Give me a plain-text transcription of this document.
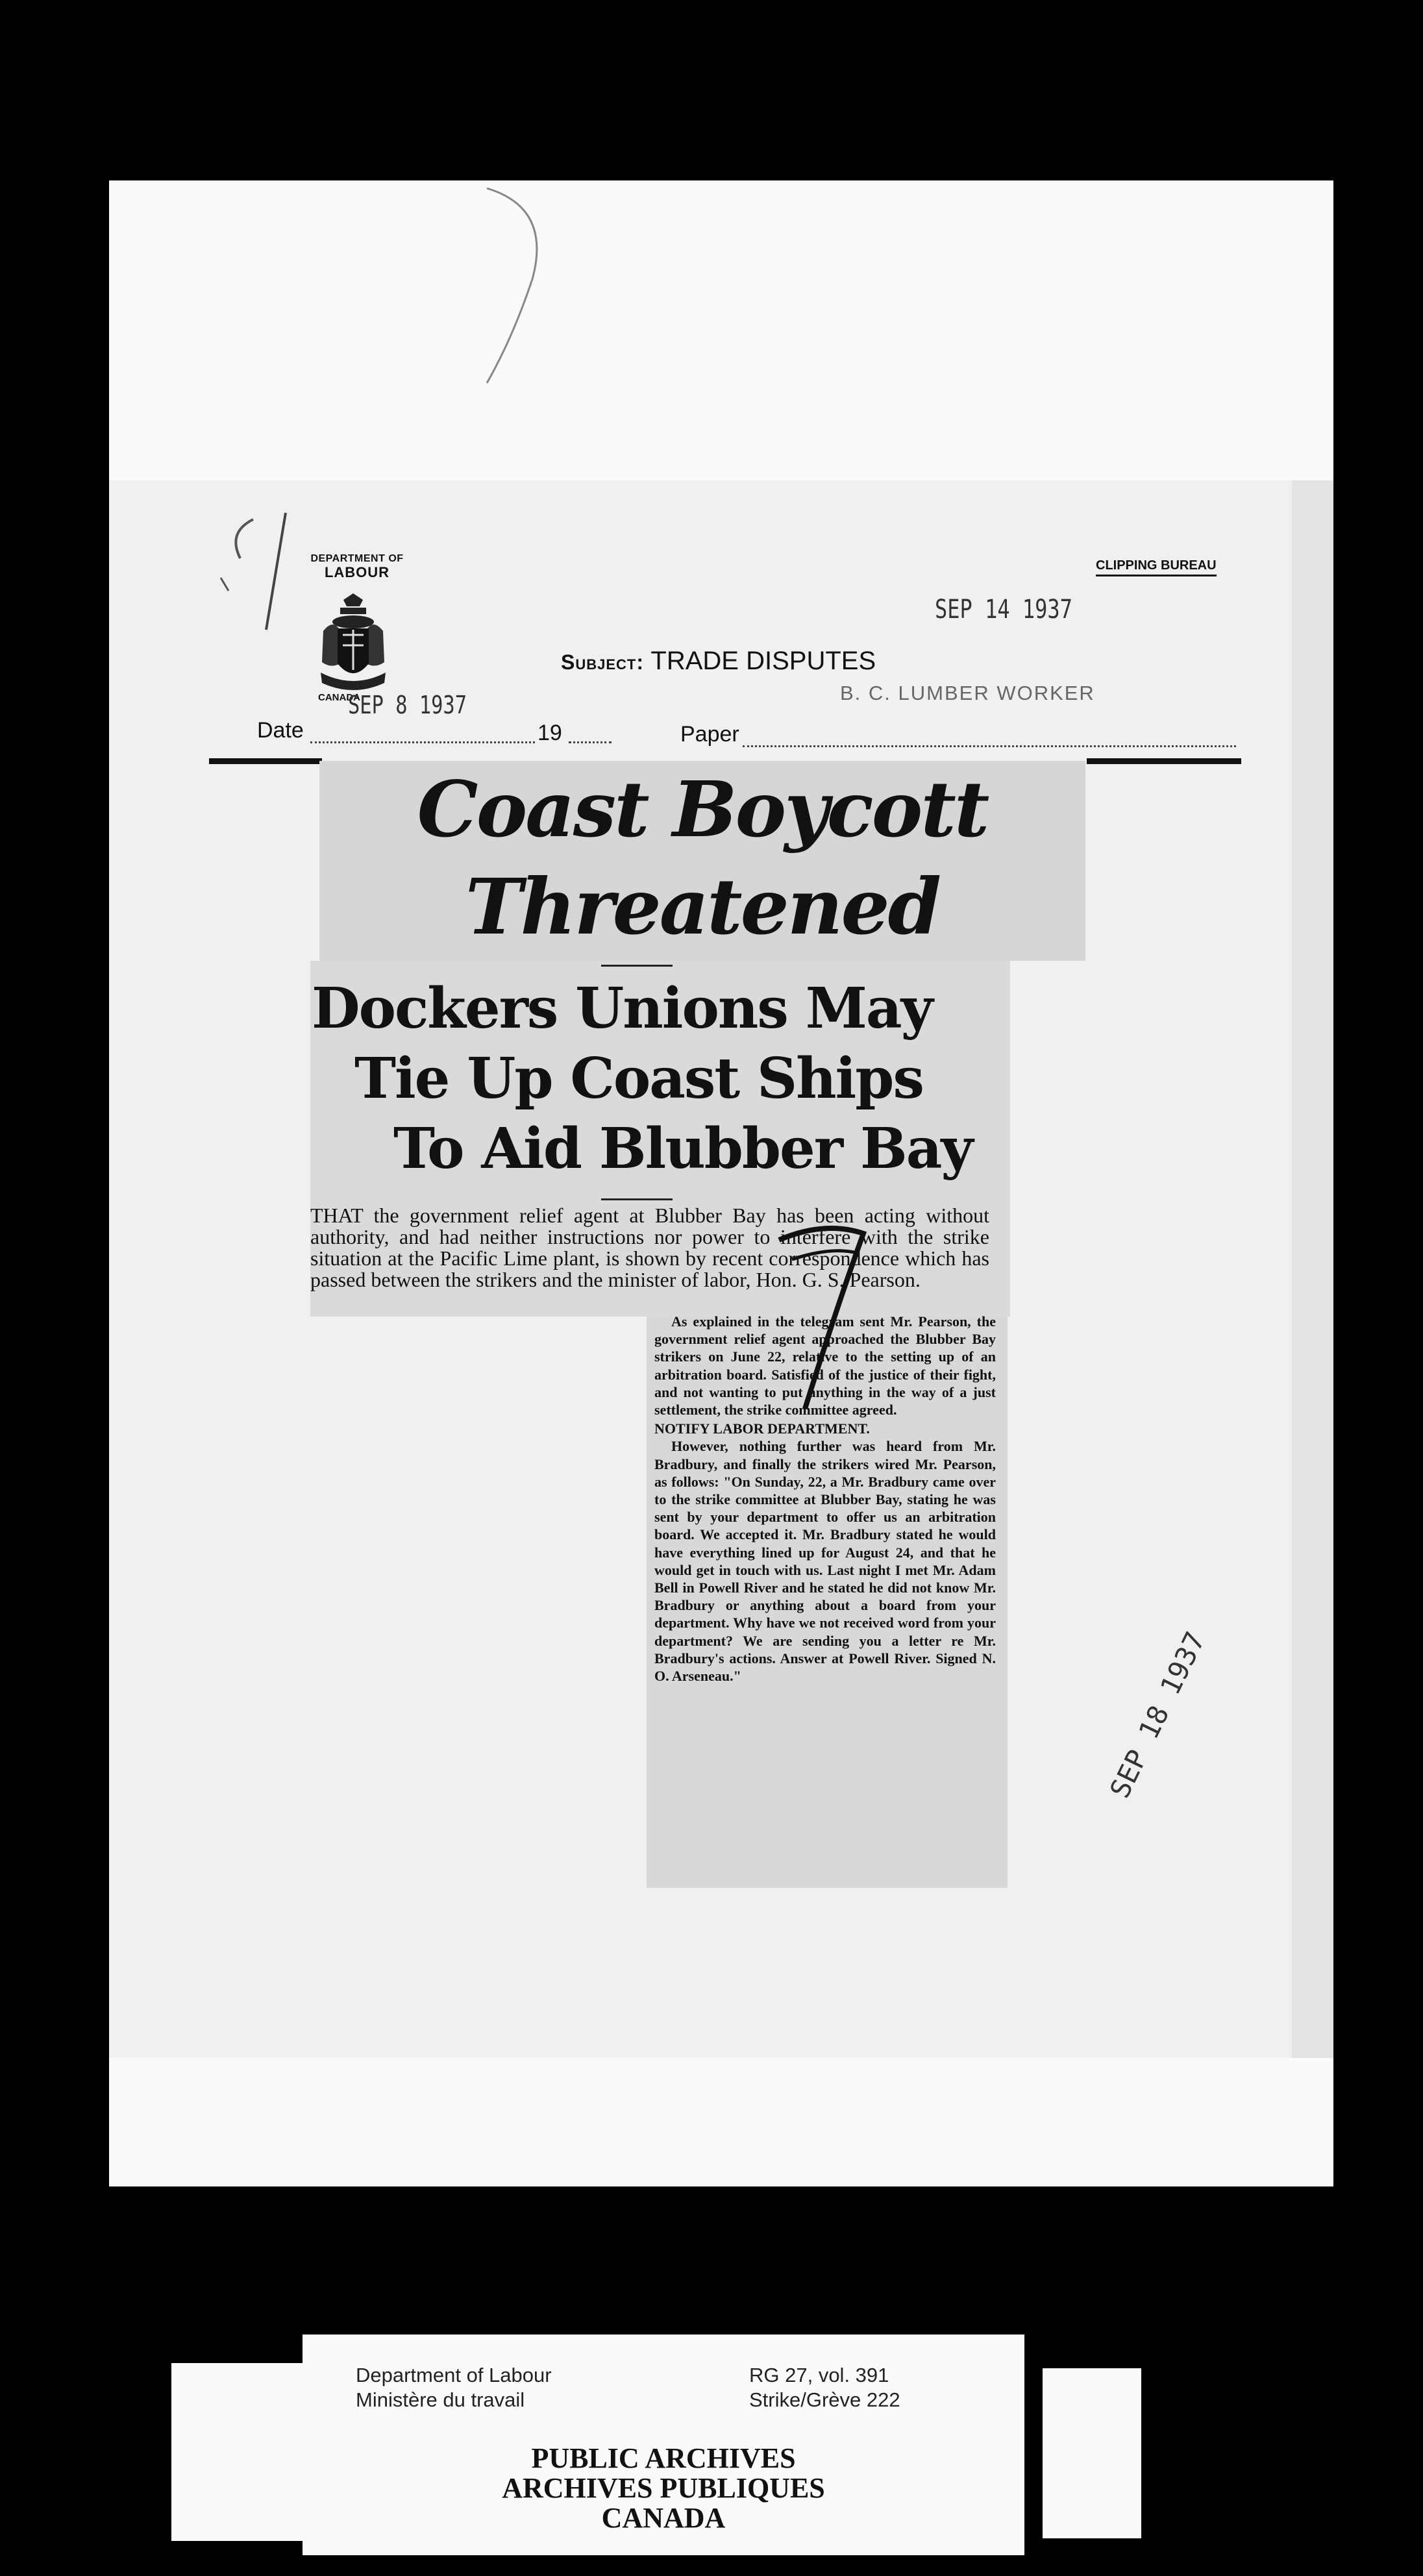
DEPARTMENT OF
LABOUR
CANADA
CLIPPING BUREAU
SEP 14 1937
Subject: TRADE DISPUTES
B. C. LUMBER WORKER
Date
SEP 8 1937
19	Paper
Coast Boycott
Threatened
Dockers Unions May
Tie Up Coast Ships
To Aid Blubber Bay
THAT the government relief agent at Blubber Bay has been acting without authority, and had neither instructions nor power to interfere with the strike situation at the Pacific Lime plant, is shown by recent correspondence which has passed between the strikers and the minister of labor, Hon. G. S. Pearson.

As explained in the telegram sent Mr. Pearson, the government relief agent approached the Blubber Bay strikers on June 22, relative to the setting up of an arbitration board. Satisfied of the justice of their fight, and not wanting to put anything in the way of a just settlement, the strike committee agreed.

NOTIFY LABOR DEPARTMENT.

However, nothing further was heard from Mr. Bradbury, and finally the strikers wired Mr. Pearson, as follows: "On Sunday, 22, a Mr. Bradbury came over to the strike committee at Blubber Bay, stating he was sent by your department to offer us an arbitration board. We accepted it. Mr. Bradbury stated he would have everything lined up for August 24, and that he would get in touch with us. Last night I met Mr. Adam Bell in Powell River and he stated he did not know Mr. Bradbury or anything about a board from your department. Why have we not received word from your department? We are sending you a letter re Mr. Bradbury's actions. Answer at Powell River. Signed N. O. Arseneau."	SEP 18 1937
Department of Labour
Ministère du travail
RG 27, vol. 391
Strike/Grève 222
PUBLIC ARCHIVES
ARCHIVES PUBLIQUES
CANADA
